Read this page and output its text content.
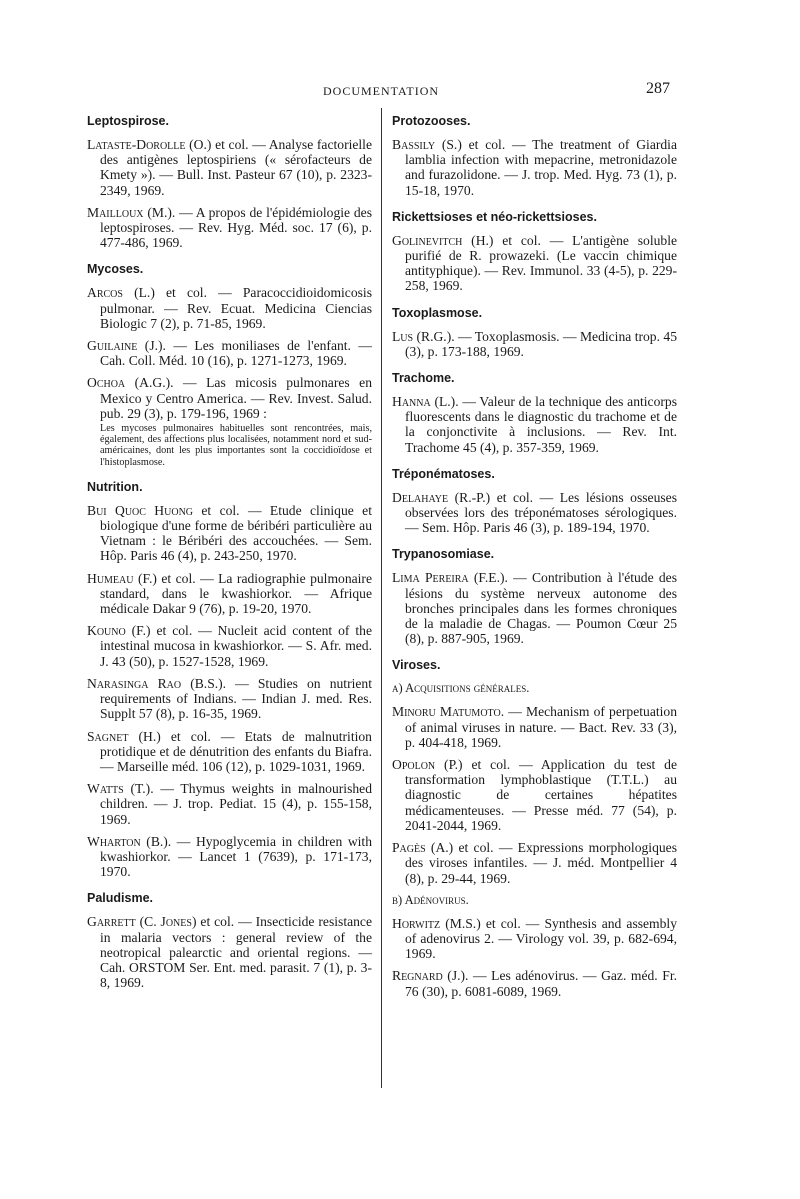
DOCUMENTATION	287
Leptospirose.

Lataste-Dorolle (O.) et col. — Analyse factorielle des antigènes leptospiriens (« sérofacteurs de Kmety »). — Bull. Inst. Pasteur 67 (10), p. 2323-2349, 1969.

Mailloux (M.). — A propos de l'épidémiologie des leptospiroses. — Rev. Hyg. Méd. soc. 17 (6), p. 477-486, 1969.

Mycoses.

Arcos (L.) et col. — Paracoccidioidomicosis pulmonar. — Rev. Ecuat. Medicina Ciencias Biologic 7 (2), p. 71-85, 1969.

Guilaine (J.). — Les moniliases de l'enfant. — Cah. Coll. Méd. 10 (16), p. 1271-1273, 1969.

Ochoa (A.G.). — Las micosis pulmonares en Mexico y Centro America. — Rev. Invest. Salud. pub. 29 (3), p. 179-196, 1969 :

Les mycoses pulmonaires habituelles sont rencontrées, mais, également, des affections plus localisées, notamment nord et sud-américaines, dont les plus importantes sont la coccidioïdose et l'histoplasmose.

Nutrition.

Bui Quoc Huong et col. — Etude clinique et biologique d'une forme de béribéri particulière au Vietnam : le Béribéri des accouchées. — Sem. Hôp. Paris 46 (4), p. 243-250, 1970.

Humeau (F.) et col. — La radiographie pulmonaire standard, dans le kwashiorkor. — Afrique médicale Dakar 9 (76), p. 19-20, 1970.

Kouno (F.) et col. — Nucleit acid content of the intestinal mucosa in kwashiorkor. — S. Afr. med. J. 43 (50), p. 1527-1528, 1969.

Narasinga Rao (B.S.). — Studies on nutrient requirements of Indians. — Indian J. med. Res. Supplt 57 (8), p. 16-35, 1969.

Sagnet (H.) et col. — Etats de malnutrition protidique et de dénutrition des enfants du Biafra. — Marseille méd. 106 (12), p. 1029-1031, 1969.

Watts (T.). — Thymus weights in malnourished children. — J. trop. Pediat. 15 (4), p. 155-158, 1969.

Wharton (B.). — Hypoglycemia in children with kwashiorkor. — Lancet 1 (7639), p. 171-173, 1970.

Paludisme.

Garrett (C. Jones) et col. — Insecticide resistance in malaria vectors : general review of the neotropical palearctic and oriental regions. — Cah. ORSTOM Ser. Ent. med. parasit. 7 (1), p. 3-8, 1969.

Protozooses.

Bassily (S.) et col. — The treatment of Giardia lamblia infection with mepacrine, metronidazole and furazolidone. — J. trop. Med. Hyg. 73 (1), p. 15-18, 1970.

Rickettsioses et néo-rickettsioses.

Golinevitch (H.) et col. — L'antigène soluble purifié de R. prowazeki. (Le vaccin chimique antityphique). — Rev. Immunol. 33 (4-5), p. 229-258, 1969.

Toxoplasmose.

Lus (R.G.). — Toxoplasmosis. — Medicina trop. 45 (3), p. 173-188, 1969.

Trachome.

Hanna (L.). — Valeur de la technique des anticorps fluorescents dans le diagnostic du trachome et de la conjonctivite à inclusions. — Rev. Int. Trachome 45 (4), p. 357-359, 1969.

Tréponématoses.

Delahaye (R.-P.) et col. — Les lésions osseuses observées lors des tréponématoses sérologiques. — Sem. Hôp. Paris 46 (3), p. 189-194, 1970.

Trypanosomiase.

Lima Pereira (F.E.). — Contribution à l'étude des lésions du système nerveux autonome des bronches principales dans les formes chroniques de la maladie de Chagas. — Poumon Cœur 25 (8), p. 887-905, 1969.

Viroses.
a) Acquisitions générales.

Minoru Matumoto. — Mechanism of perpetuation of animal viruses in nature. — Bact. Rev. 33 (3), p. 404-418, 1969.

Opolon (P.) et col. — Application du test de transformation lymphoblastique (T.T.L.) au diagnostic de certaines hépatites médicamenteuses. — Presse méd. 77 (54), p. 2041-2044, 1969.

Pagès (A.) et col. — Expressions morphologiques des viroses infantiles. — J. méd. Montpellier 4 (8), p. 29-44, 1969.

b) Adénovirus.

Horwitz (M.S.) et col. — Synthesis and assembly of adenovirus 2. — Virology vol. 39, p. 682-694, 1969.

Regnard (J.). — Les adénovirus. — Gaz. méd. Fr. 76 (30), p. 6081-6089, 1969.
